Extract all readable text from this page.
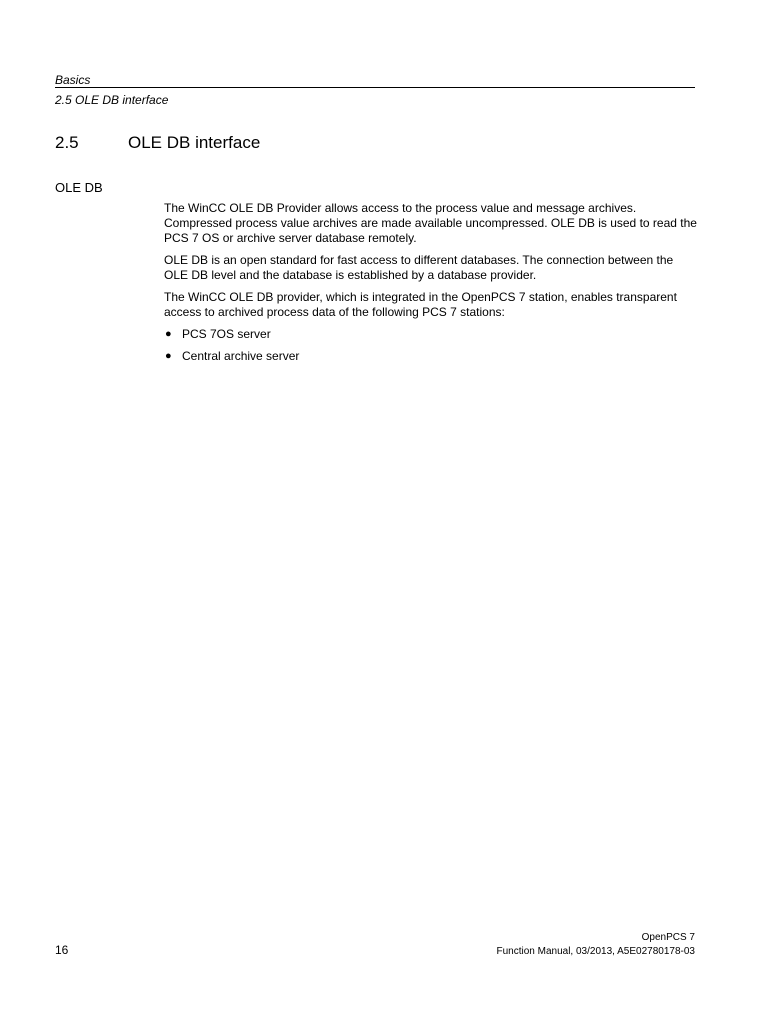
Basics
2.5 OLE DB interface
2.5	OLE DB interface
OLE DB

The WinCC OLE DB Provider allows access to the process value and message archives. Compressed process value archives are made available uncompressed. OLE DB is used to read the PCS 7 OS or archive server database remotely.

OLE DB is an open standard for fast access to different databases. The connection between the OLE DB level and the database is established by a database provider.

The WinCC OLE DB provider, which is integrated in the OpenPCS 7 station, enables transparent access to archived process data of the following PCS 7 stations:

● PCS 7OS server
● Central archive server
16
OpenPCS 7
Function Manual, 03/2013, A5E02780178-03
